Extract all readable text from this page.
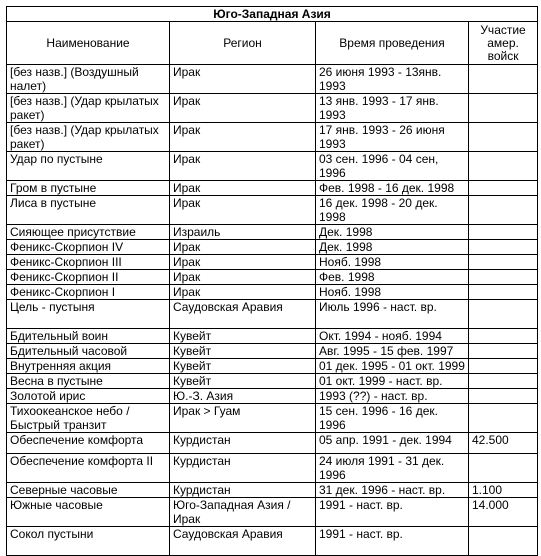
Юго-Западная Азия			
Наименование	Регион	Время проведения	Участие амер. войск
[без назв.] (Воздушный налет)	Ирак	26 июня 1993 - 13янв. 1993	
[без назв.] (Удар крылатых ракет)	Ирак	13 янв. 1993 - 17 янв. 1993	
[без назв.] (Удар крылатых ракет)	Ирак	17 янв. 1993 - 26 июня 1993	
Удар по пустыне	Ирак	03 сен. 1996 - 04 сен, 1996	
Гром в пустыне	Ирак	Фев. 1998 - 16 дек. 1998	
Лиса в пустыне	Ирак	16 дек. 1998 - 20 дек. 1998	
Сияющее присутствие	Израиль	Дек. 1998	
Феникс-Скорпион IV	Ирак	Дек. 1998	
Феникс-Скорпион III	Ирак	Нояб. 1998	
Феникс-Скорпион II	Ирак	Фев. 1998	
Феникс-Скорпион I	Ирак	Нояб. 1998	
Цель - пустыня	Саудовская Аравия	Июль 1996 - наст. вр.	
Бдительный воин	Кувейт	Окт. 1994 - нояб. 1994	
Бдительный часовой	Кувейт	Авг. 1995 - 15 фев. 1997	
Внутренняя акция	Кувейт	01 дек. 1995 - 01 окт. 1999	
Весна в пустыне	Кувейт	01 окт. 1999 - наст. вр.	
Золотой ирис	Ю.-З. Азия	1993 (??) - наст. вр.	
Тихоокеанское небо / Быстрый транзит	Ирак > Гуам	15 сен. 1996 - 16 дек. 1996	
Обеспечение комфорта	Курдистан	05 апр. 1991 - дек. 1994	42.500
Обеспечение комфорта II	Курдистан	24 июля 1991 - 31 дек. 1996	
Северные часовые	Курдистан	31 дек. 1996 - наст. вр.	1.100
Южные часовые	Юго-Западная Азия / Ирак	1991 - наст. вр.	14.000
Сокол пустыни	Саудовская Аравия	1991 - наст. вр.	
